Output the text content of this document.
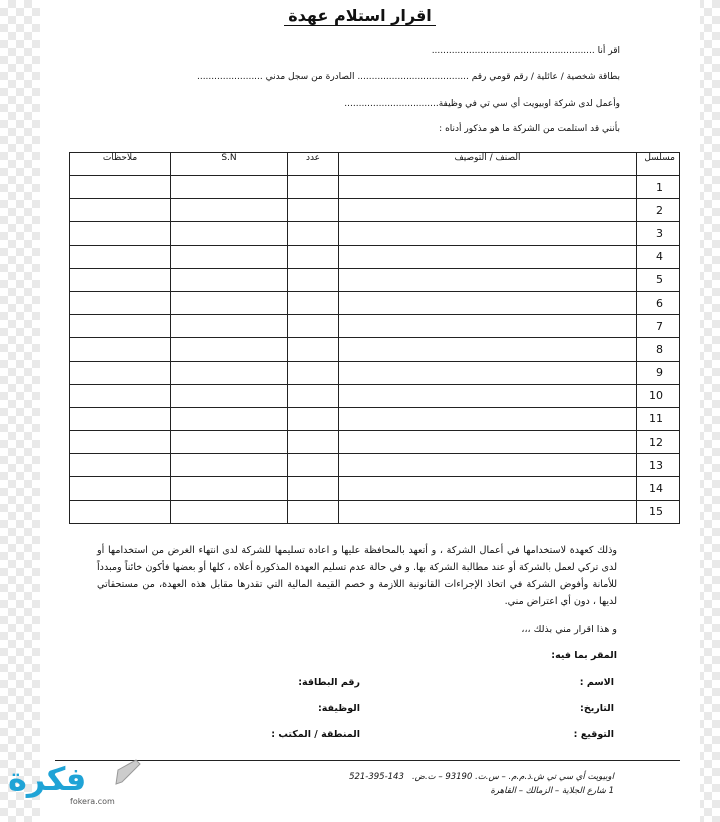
اقرار استلام عهدة
اقر أنا .........................................................
بطاقة شخصية / عائلية / رقم قومي رقم ....................................... الصادرة من سجل مدني .......................
وأعمل لدى شركة اوبيويت أي سي تي في وظيفة.................................
بأنني قد استلمت من الشركة ما هو مذكور أدناه :
ملاحظات	S.N	عدد	الصنف / التوصيف	مسلسل
				1
				2
				3
				4
				5
				6
				7
				8
				9
				10
				11
				12
				13
				14
				15
وذلك كعهدة لاستخدامها في أعمال الشركة ، و أتعهد بالمحافظة عليها و اعادة تسليمها للشركة لدى انتهاء الغرض من استخدامها أو لدى تركي لعمل بالشركة أو عند مطالبة الشركة بها. و في حالة عدم تسليم العهدة المذكورة أعلاه ، كلها أو بعضها فأكون خائناً ومبدداً للأمانة وأفوض الشركة في اتخاذ الإجراءات القانونية اللازمة و خصم القيمة المالية التي تقدرها مقابل هذه العهدة، من مستحقاتي لديها ، دون أي اعتراض مني.
و هذا اقرار مني بذلك ،،،
المقر بما فيه:
الاسم :
رقم البطاقة:
التاريخ:
الوظيفة:
التوقيع :
المنطقة / المكتب :
اوبيويت أي سي تي ش.ذ.م.م. – س.ت. 93190 – ت.ض.   521-395-143
1 شارع الجلاية – الزمالك – القاهرة
فكرة
fokera.com
